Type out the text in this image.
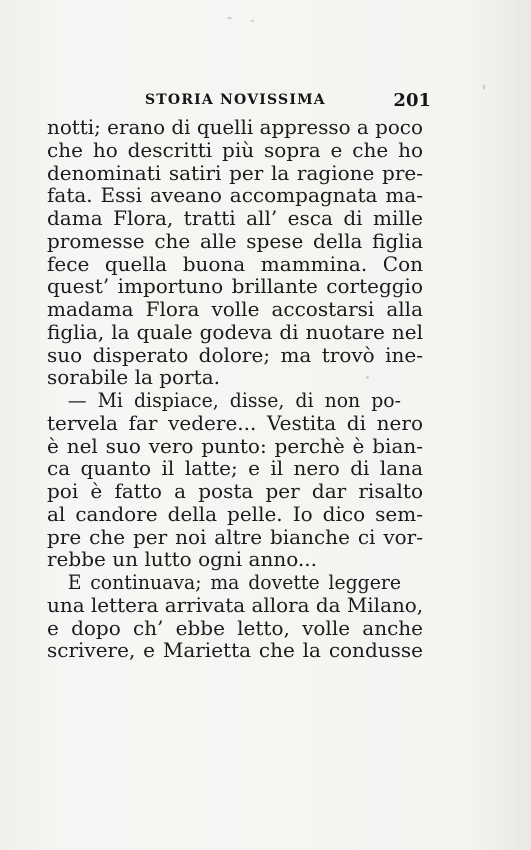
STORIA NOVISSIMA	201
notti; erano di quelli appresso a poco
che ho descritti più sopra e che ho
denominati satiri per la ragione pre-
fata. Essi aveano accompagnata ma-
dama Flora, tratti all’ esca di mille
promesse che alle spese della figlia
fece quella buona mammina. Con
quest’ importuno brillante corteggio
madama Flora volle accostarsi alla
figlia, la quale godeva di nuotare nel
suo disperato dolore; ma trovò ine-
sorabile la porta.
— Mi dispiace, disse, di non po-
tervela far vedere... Vestita di nero
è nel suo vero punto: perchè è bian-
ca quanto il latte; e il nero di lana
poi è fatto a posta per dar risalto
al candore della pelle. Io dico sem-
pre che per noi altre bianche ci vor-
rebbe un lutto ogni anno...
E continuava; ma dovette leggere
una lettera arrivata allora da Milano,
e dopo ch’ ebbe letto, volle anche
scrivere, e Marietta che la condusse
